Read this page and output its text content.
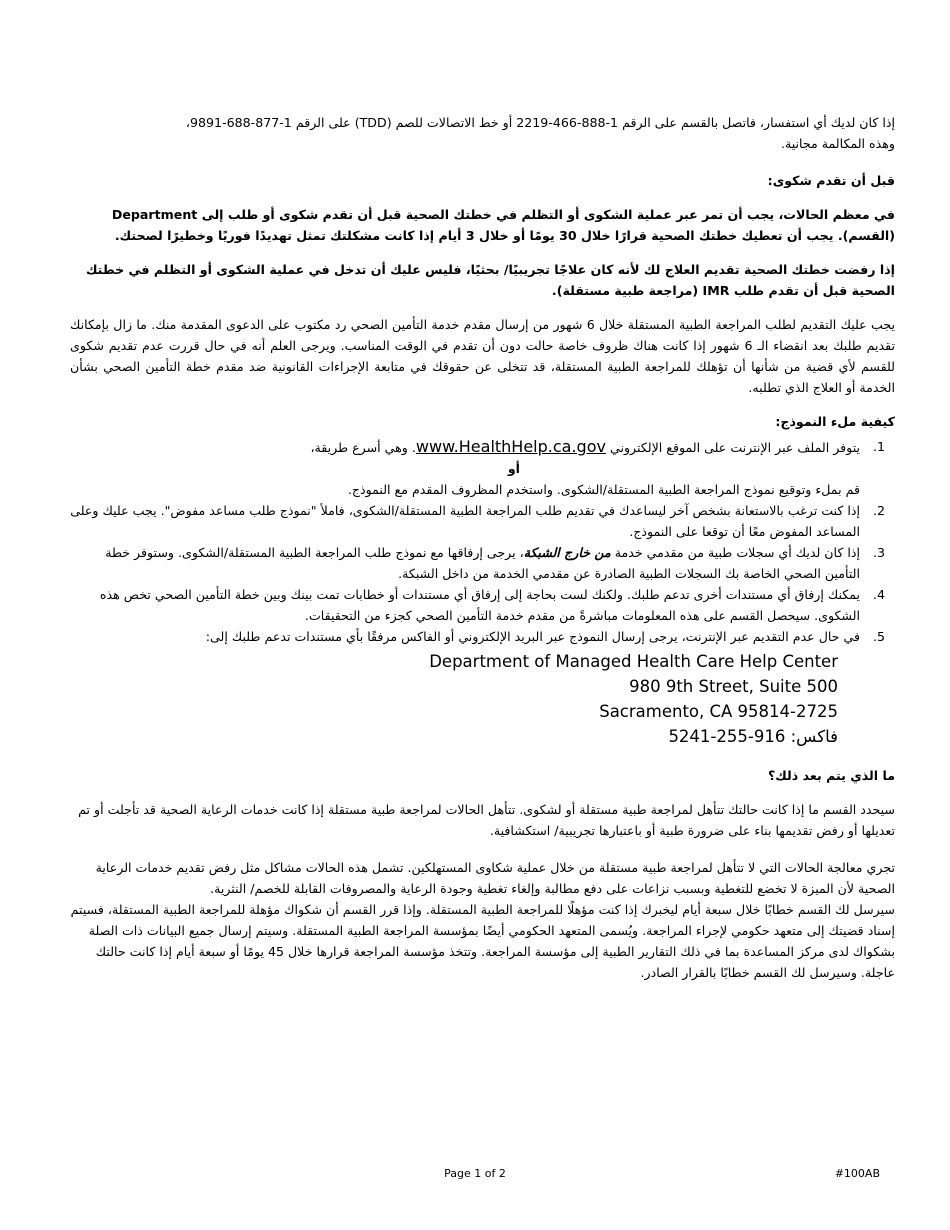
إذا كان لديك أي استفسار، فاتصل بالقسم على الرقم 1-888-466-2219 أو خط الاتصالات للصم (TDD) على الرقم 1-877-688-9891،
وهذه المكالمة مجانية.

قبل أن تقدم شكوى:

في معظم الحالات، يجب أن تمر عبر عملية الشكوى أو التظلم في خطتك الصحية قبل أن تقدم شكوى أو طلب إلى Department (القسم). يجب أن تعطيك خطتك الصحية قرارًا خلال 30 يومًا أو خلال 3 أيام إذا كانت مشكلتك تمثل تهديدًا فوريًا وخطيرًا لصحتك.

إذا رفضت خطتك الصحية تقديم العلاج لك لأنه كان علاجًا تجريبيًا/ بحثيًا، فليس عليك أن تدخل في عملية الشكوى أو التظلم في خطتك الصحية قبل أن تقدم طلب IMR (مراجعة طبية مستقلة).

يجب عليك التقديم لطلب المراجعة الطبية المستقلة خلال 6 شهور من إرسال مقدم خدمة التأمين الصحي رد مكتوب على الدعوى المقدمة منك. ما زال بإمكانك تقديم طلبك بعد انقضاء الـ 6 شهور إذا كانت هناك ظروف خاصة حالت دون أن تقدم في الوقت المناسب. ويرجى العلم أنه في حال قررت عدم تقديم شكوى للقسم لأي قضية من شأنها أن تؤهلك للمراجعة الطبية المستقلة، قد تتخلى عن حقوقك في متابعة الإجراءات القانونية ضد مقدم خطة التأمين الصحي بشأن الخدمة أو العلاج الذي تطلبه.

كيفية ملء النموذج:

1.
يتوفر الملف عبر الإنترنت على الموقع الإلكتروني www.HealthHelp.ca.gov. وهي أسرع طريقة،
أو
قم بملء وتوقيع نموذج المراجعة الطبية المستقلة/الشكوى. واستخدم المظروف المقدم مع النموذج.
2.
إذا كنت ترغب بالاستعانة بشخص آخر ليساعدك في تقديم طلب المراجعة الطبية المستقلة/الشكوى، فاملأ "نموذج طلب مساعد مفوض". يجب عليك وعلى المساعد المفوض معًا أن توقعا على النموذج.
3.
إذا كان لديك أي سجلات طبية من مقدمي خدمة من خارج الشبكة، يرجى إرفاقها مع نموذج طلب المراجعة الطبية المستقلة/الشكوى. وستوفر خطة التأمين الصحي الخاصة بك السجلات الطبية الصادرة عن مقدمي الخدمة من داخل الشبكة.
4.
يمكنك إرفاق أي مستندات أخرى تدعم طلبك. ولكنك لست بحاجة إلى إرفاق أي مستندات أو خطابات تمت بينك وبين خطة التأمين الصحي تخص هذه الشكوى. سيحصل القسم على هذه المعلومات مباشرةً من مقدم خدمة التأمين الصحي كجزء من التحقيقات.
5.
في حال عدم التقديم عبر الإنترنت، يرجى إرسال النموذج عبر البريد الإلكتروني أو الفاكس مرفقًا بأي مستندات تدعم طلبك إلى:
Department of Managed Health Care Help Center
980 9th Street, Suite 500
Sacramento, CA 95814-2725
فاكس: 916-255-5241

ما الذي يتم بعد ذلك؟

سيحدد القسم ما إذا كانت حالتك تتأهل لمراجعة طبية مستقلة أو لشكوى. تتأهل الحالات لمراجعة طبية مستقلة إذا كانت خدمات الرعاية الصحية قد تأجلت أو تم تعديلها أو رفض تقديمها بناء على ضرورة طبية أو باعتبارها تجريبية/ استكشافية.

تجري معالجة الحالات التي لا تتأهل لمراجعة طبية مستقلة من خلال عملية شكاوى المستهلكين. تشمل هذه الحالات مشاكل مثل رفض تقديم خدمات الرعاية الصحية لأن الميزة لا تخضع للتغطية وبسبب نزاعات على دفع مطالبة وإلغاء تغطية وجودة الرعاية والمصروفات القابلة للخصم/ النثرية.

سيرسل لك القسم خطابًا خلال سبعة أيام ليخبرك إذا كنت مؤهلًا للمراجعة الطبية المستقلة. وإذا قرر القسم أن شكواك مؤهلة للمراجعة الطبية المستقلة، فسيتم إسناد قضيتك إلى متعهد حكومي لإجراء المراجعة. ويُسمى المتعهد الحكومي أيضًا بمؤسسة المراجعة الطبية المستقلة. وسيتم إرسال جميع البيانات ذات الصلة بشكواك لدى مركز المساعدة بما في ذلك التقارير الطبية إلى مؤسسة المراجعة. وتتخذ مؤسسة المراجعة قرارها خلال 45 يومًا أو سبعة أيام إذا كانت حالتك عاجلة. وسيرسل لك القسم خطابًا بالقرار الصادر.

Page 1 of 2	#100AB
